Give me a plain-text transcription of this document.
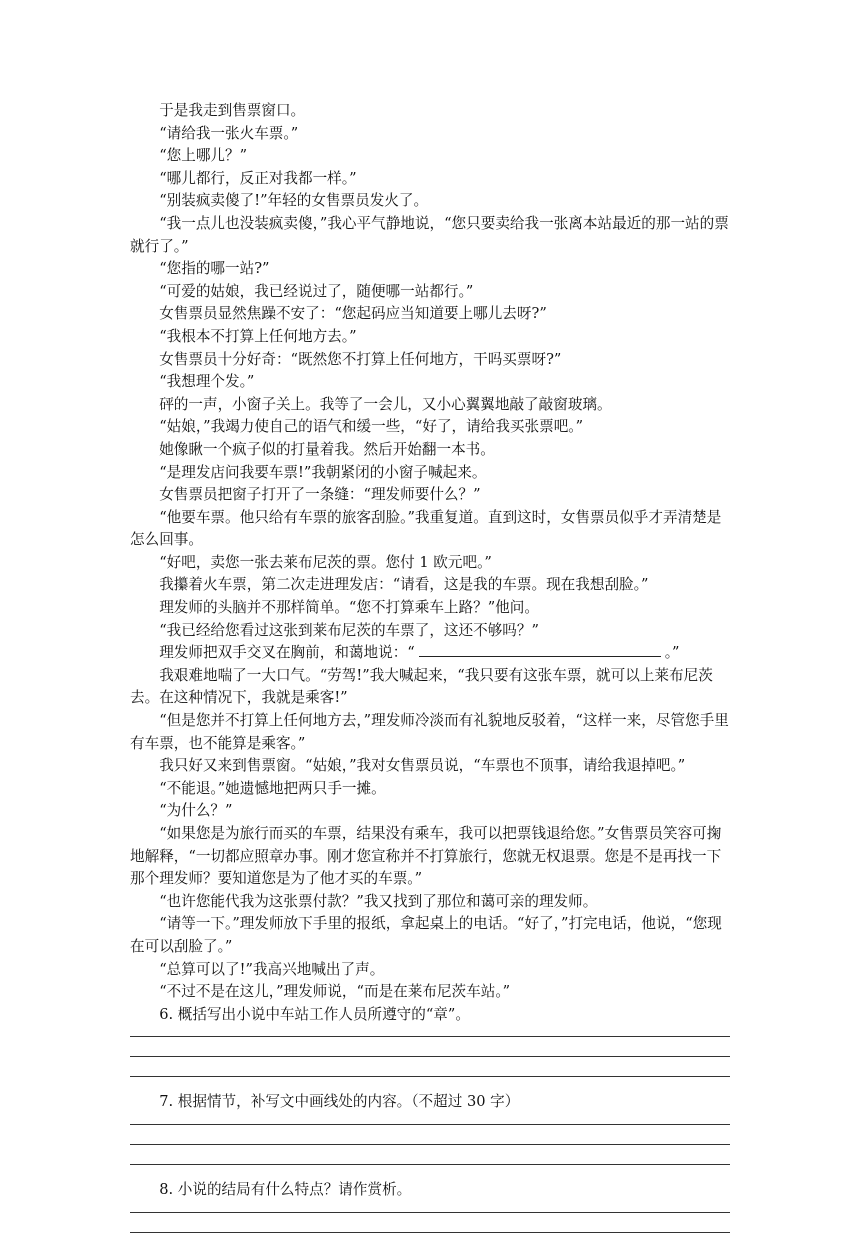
于是我走到售票窗口。

“请给我一张火车票。”

“您上哪儿？”

“哪儿都行，反正对我都一样。”

“别装疯卖傻了!”年轻的女售票员发火了。

“我一点儿也没装疯卖傻，”我心平气静地说，“您只要卖给我一张离本站最近的那一站的票就行了。”

“您指的哪一站?”

“可爱的姑娘，我已经说过了，随便哪一站都行。”

女售票员显然焦躁不安了：“您起码应当知道要上哪儿去呀?”

“我根本不打算上任何地方去。”

女售票员十分好奇：“既然您不打算上任何地方，干吗买票呀?”

“我想理个发。”

砰的一声，小窗子关上。我等了一会儿，又小心翼翼地敲了敲窗玻璃。

“姑娘，”我竭力使自己的语气和缓一些，“好了，请给我买张票吧。”

她像瞅一个疯子似的打量着我。然后开始翻一本书。

“是理发店问我要车票!”我朝紧闭的小窗子喊起来。

女售票员把窗子打开了一条缝：“理发师要什么？”

“他要车票。他只给有车票的旅客刮脸。”我重复道。直到这时，女售票员似乎才弄清楚是怎么回事。

“好吧，卖您一张去莱布尼茨的票。您付 1 欧元吧。”

我攥着火车票，第二次走进理发店：“请看，这是我的车票。现在我想刮脸。”

理发师的头脑并不那样简单。“您不打算乘车上路？”他问。

“我已经给您看过这张到莱布尼茨的车票了，这还不够吗？”

理发师把双手交叉在胸前，和蔼地说：“	。”

我艰难地喘了一大口气。“劳驾!”我大喊起来，“我只要有这张车票，就可以上莱布尼茨去。在这种情况下，我就是乘客!”

“但是您并不打算上任何地方去，”理发师冷淡而有礼貌地反驳着，“这样一来，尽管您手里有车票，也不能算是乘客。”

我只好又来到售票窗。“姑娘，”我对女售票员说，“车票也不顶事，请给我退掉吧。”

“不能退。”她遗憾地把两只手一摊。

“为什么？”

“如果您是为旅行而买的车票，结果没有乘车，我可以把票钱退给您。”女售票员笑容可掬地解释，“一切都应照章办事。刚才您宣称并不打算旅行，您就无权退票。您是不是再找一下那个理发师？要知道您是为了他才买的车票。”

“也许您能代我为这张票付款？”我又找到了那位和蔼可亲的理发师。

“请等一下。”理发师放下手里的报纸，拿起桌上的电话。“好了，”打完电话，他说，“您现在可以刮脸了。”

“总算可以了!”我高兴地喊出了声。

“不过不是在这儿，”理发师说，“而是在莱布尼茨车站。”

6. 概括写出小说中车站工作人员所遵守的“章”。

7. 根据情节，补写文中画线处的内容。（不超过 30 字）

8. 小说的结局有什么特点？请作赏析。
